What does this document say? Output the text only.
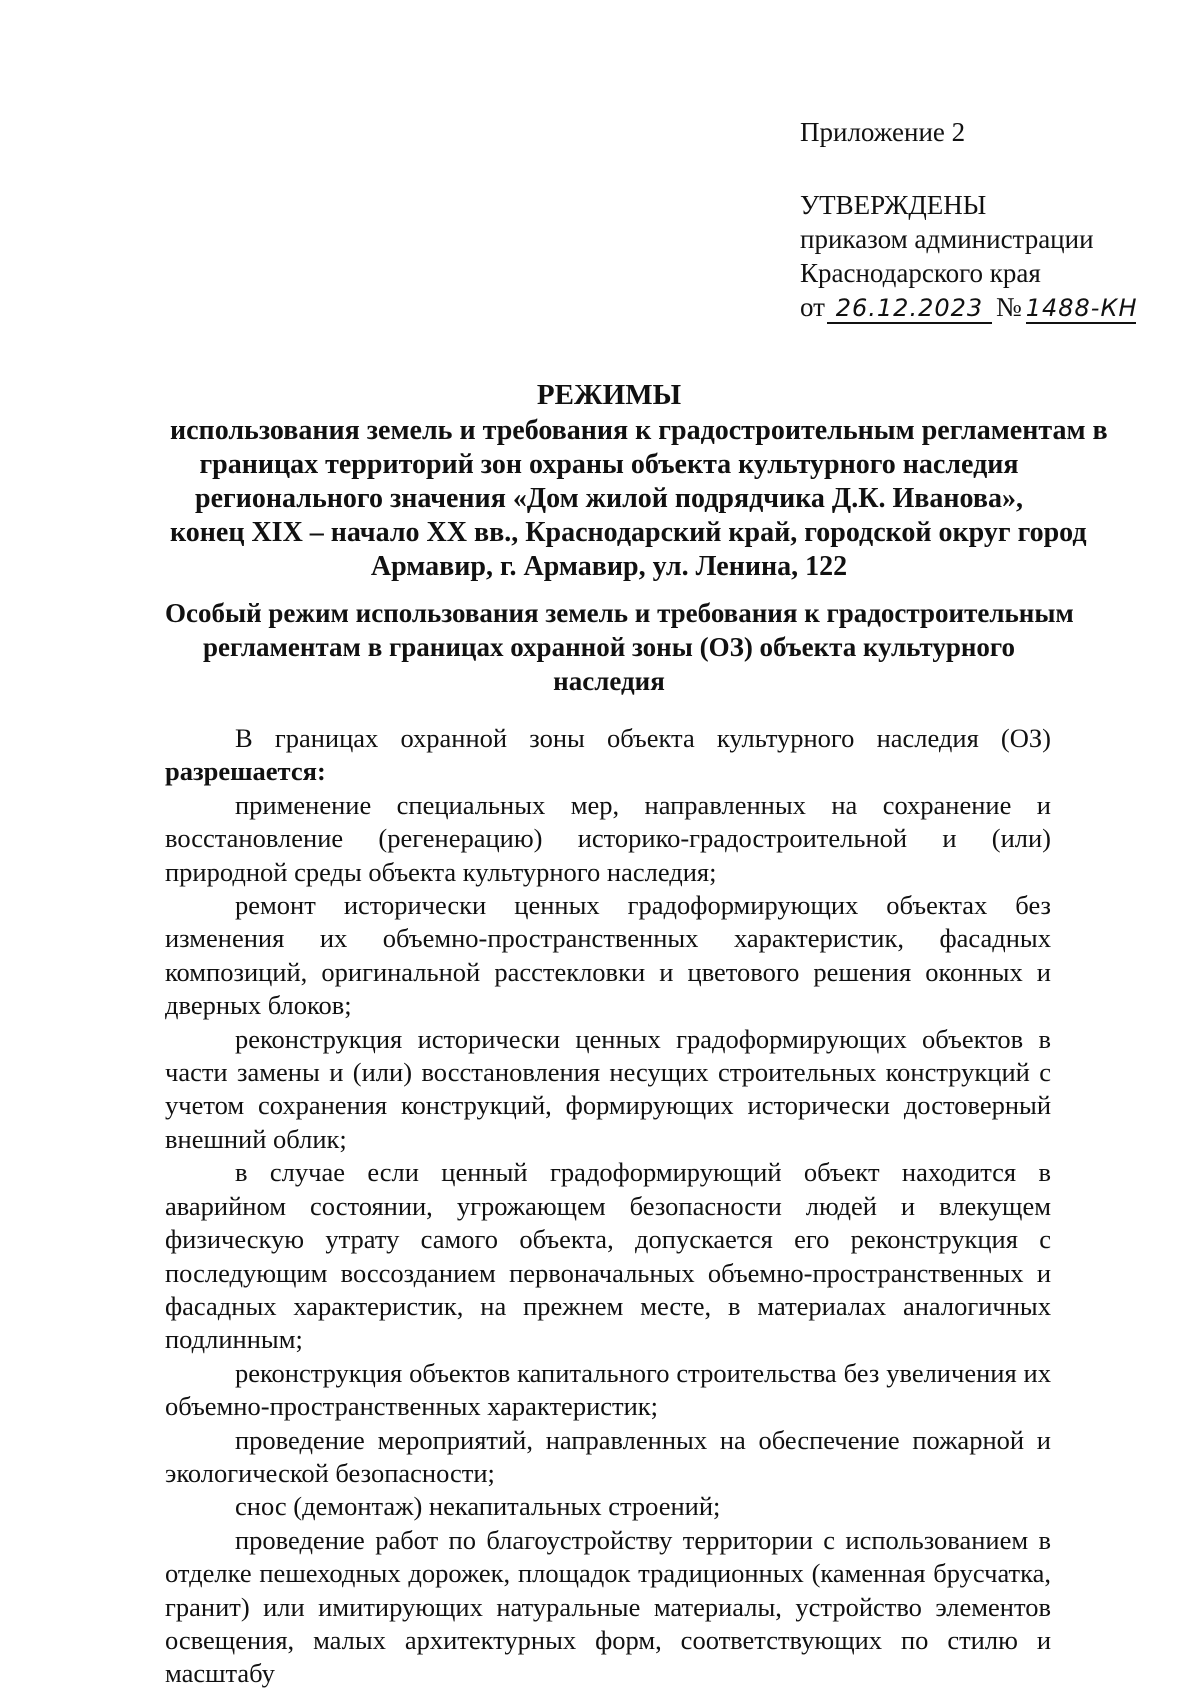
Приложение 2
УТВЕРЖДЕНЫ
приказом администрации
Краснодарского края
от 26.12.2023 № 1488-КН
РЕЖИМЫ
использования земель и требования к градостроительным регламентам в
границах территорий зон охраны объекта культурного наследия
регионального значения «Дом жилой подрядчика Д.К. Иванова»,
конец XIX – начало XX вв., Краснодарский край, городской округ город
Армавир, г. Армавир, ул. Ленина, 122
Особый режим использования земель и требования к градостроительным
регламентам в границах охранной зоны (ОЗ) объекта культурного
наследия

В границах охранной зоны объекта культурного наследия (ОЗ) разрешается:

применение специальных мер, направленных на сохранение и восстановление (регенерацию) историко-градостроительной и (или) природной среды объекта культурного наследия;

ремонт исторически ценных градоформирующих объектах без изменения их объемно-пространственных характеристик, фасадных композиций, оригинальной расстекловки и цветового решения оконных и дверных блоков;

реконструкция исторически ценных градоформирующих объектов в части замены и (или) восстановления несущих строительных конструкций с учетом сохранения конструкций, формирующих исторически достоверный внешний облик;

в случае если ценный градоформирующий объект находится в аварийном состоянии, угрожающем безопасности людей и влекущем физическую утрату самого объекта, допускается его реконструкция с последующим воссозданием первоначальных объемно-пространственных и фасадных характеристик, на прежнем месте, в материалах аналогичных подлинным;

реконструкция объектов капитального строительства без увеличения их объемно-пространственных характеристик;

проведение мероприятий, направленных на обеспечение пожарной и экологической безопасности;

снос (демонтаж) некапитальных строений;

проведение работ по благоустройству территории с использованием в отделке пешеходных дорожек, площадок традиционных (каменная брусчатка, гранит) или имитирующих натуральные материалы, устройство элементов освещения, малых архитектурных форм, соответствующих по стилю и масштабу
